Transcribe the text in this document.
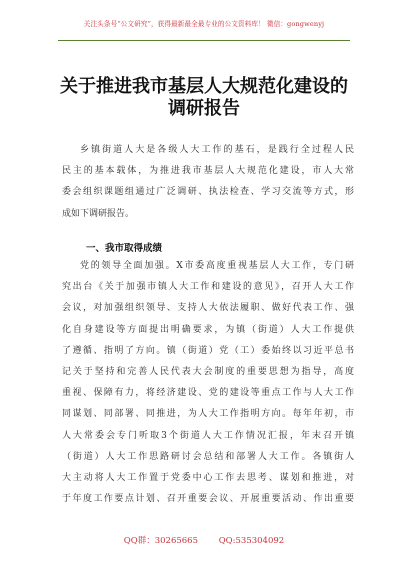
关注头条号“公文研究”，获得最新最全最专业的公文资料库！ 微信：gongwenyj
关于推进我市基层人大规范化建设的
调研报告

乡镇街道人大是各级人大工作的基石，是践行全过程人民
民主的基本载体，为推进我市基层人大规范化建设，市人大常
委会组织课题组通过广泛调研、执法检查、学习交流等方式，形
成如下调研报告。

一、我市取得成绩

党的领导全面加强。X市委高度重视基层人大工作，专门研
究出台《关于加强市镇人大工作和建设的意见》，召开人大工作
会议，对加强组织领导、支持人大依法履职、做好代表工作、强
化自身建设等方面提出明确要求，为镇（街道）人大工作提供
了遵循、指明了方向。镇（街道）党（工）委始终以习近平总书
记关于坚持和完善人民代表大会制度的重要思想为指导，高度
重视、保障有力，将经济建设、党的建设等重点工作与人大工作
同谋划、同部署、同推进，为人大工作指明方向。每年年初，市
人大常委会专门听取3个街道人大工作情况汇报，年末召开镇
（街道）人大工作思路研讨会总结和部署人大工作。各镇街人
大主动将人大工作置于党委中心工作去思考、谋划和推进，对
于年度工作要点计划、召开重要会议、开展重要活动、作出重要

QQ群：30265665 QQ:535304092
